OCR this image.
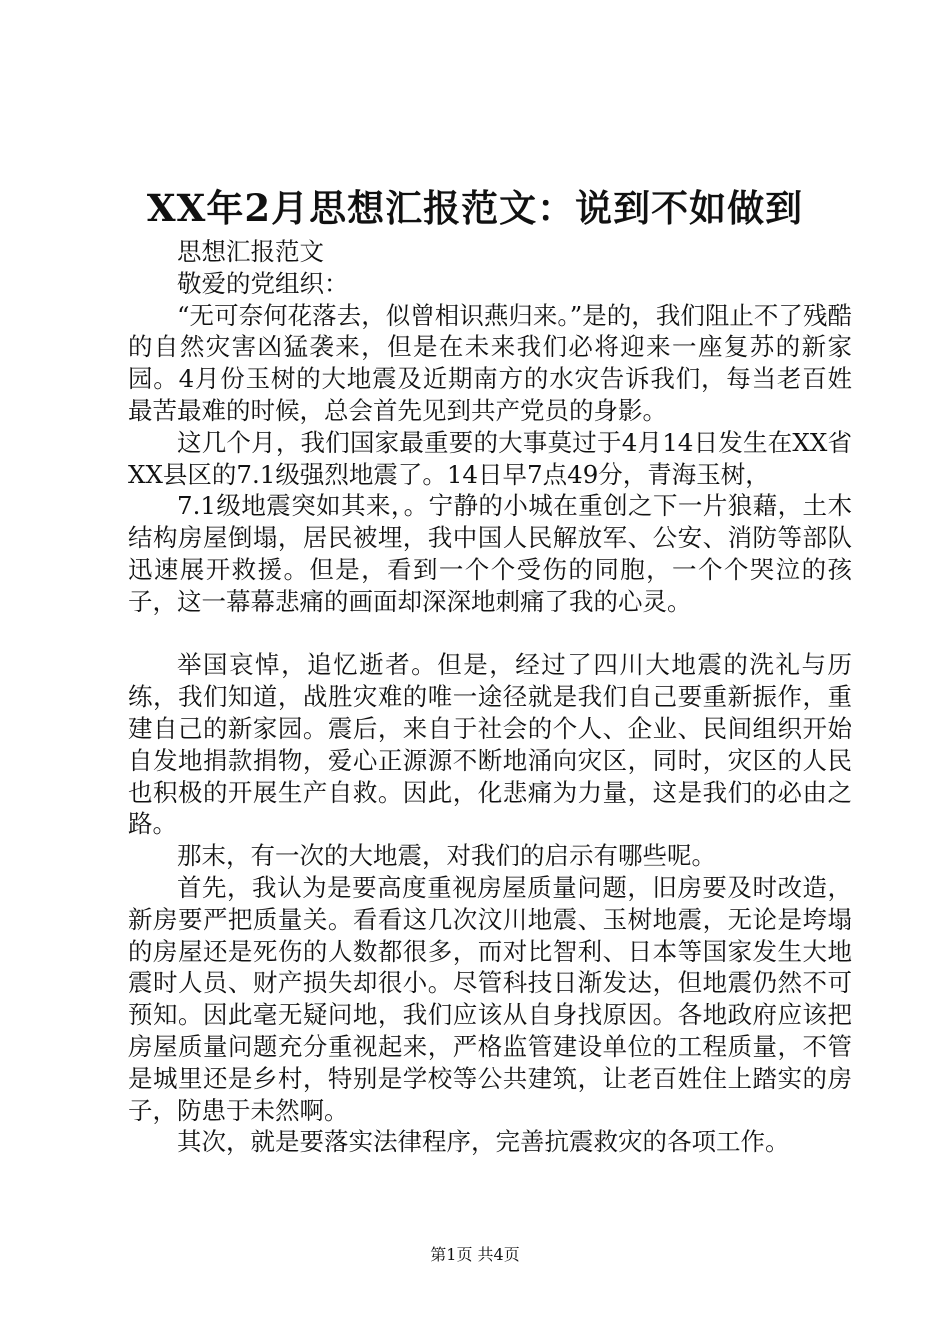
XX年2月思想汇报范文：说到不如做到

思想汇报范文

敬爱的党组织：

“无可奈何花落去，似曾相识燕归来。”是的，我们阻止不了残酷的自然灾害凶猛袭来，但是在未来我们必将迎来一座复苏的新家园。4月份玉树的大地震及近期南方的水灾告诉我们，每当老百姓最苦最难的时候，总会首先见到共产党员的身影。

这几个月，我们国家最重要的大事莫过于4月14日发生在XX省XX县区的7.1级强烈地震了。14日早7点49分，青海玉树，

7.1级地震突如其来，。宁静的小城在重创之下一片狼藉，土木结构房屋倒塌，居民被埋，我中国人民解放军、公安、消防等部队迅速展开救援。但是，看到一个个受伤的同胞，一个个哭泣的孩子，这一幕幕悲痛的画面却深深地刺痛了我的心灵。

举国哀悼，追忆逝者。但是，经过了四川大地震的洗礼与历练，我们知道，战胜灾难的唯一途径就是我们自己要重新振作，重建自己的新家园。震后，来自于社会的个人、企业、民间组织开始自发地捐款捐物，爱心正源源不断地涌向灾区，同时，灾区的人民也积极的开展生产自救。因此，化悲痛为力量，这是我们的必由之路。

那末，有一次的大地震，对我们的启示有哪些呢。

首先，我认为是要高度重视房屋质量问题，旧房要及时改造，新房要严把质量关。看看这几次汶川地震、玉树地震，无论是垮塌的房屋还是死伤的人数都很多，而对比智利、日本等国家发生大地震时人员、财产损失却很小。尽管科技日渐发达，但地震仍然不可预知。因此毫无疑问地，我们应该从自身找原因。各地政府应该把房屋质量问题充分重视起来，严格监管建设单位的工程质量，不管是城里还是乡村，特别是学校等公共建筑，让老百姓住上踏实的房子，防患于未然啊。

其次，就是要落实法律程序，完善抗震救灾的各项工作。

第1页 共4页
